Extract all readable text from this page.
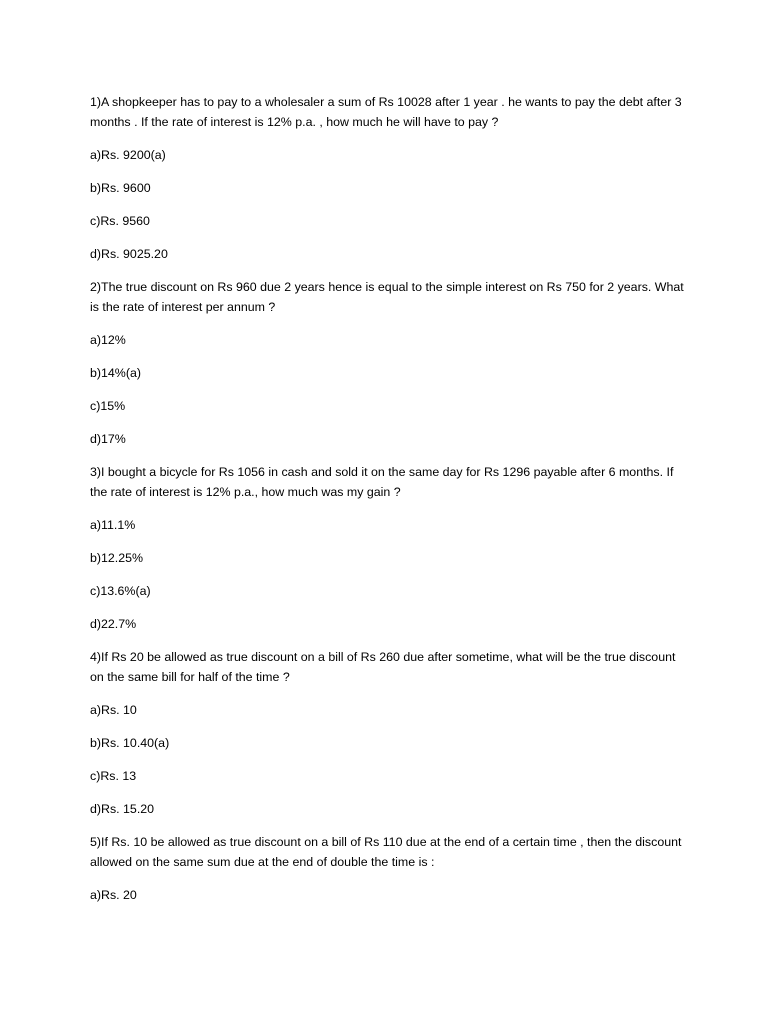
1)A shopkeeper has to pay to a wholesaler a sum of Rs 10028 after 1 year . he wants to pay the debt after 3 months . If the rate of interest is 12% p.a. , how much he will have to pay ?

a)Rs. 9200(a)

b)Rs. 9600

c)Rs. 9560

d)Rs. 9025.20

2)The true discount on Rs 960 due 2 years hence is equal to the simple interest on Rs 750 for 2 years. What is the rate of interest per annum ?

a)12%

b)14%(a)

c)15%

d)17%

3)I bought a bicycle for Rs 1056 in cash and sold it on the same day for Rs 1296 payable after 6 months. If the rate of interest is 12% p.a., how much was my gain ?

a)11.1%

b)12.25%

c)13.6%(a)

d)22.7%

4)If Rs 20 be allowed as true discount on a bill of Rs 260 due after sometime, what will be the true discount on the same bill for half of the time ?

a)Rs. 10

b)Rs. 10.40(a)

c)Rs. 13

d)Rs. 15.20

5)If Rs. 10 be allowed as true discount on a bill of Rs 110 due at the end of a certain time , then the discount allowed on the same sum due at the end of double the time is :

a)Rs. 20
